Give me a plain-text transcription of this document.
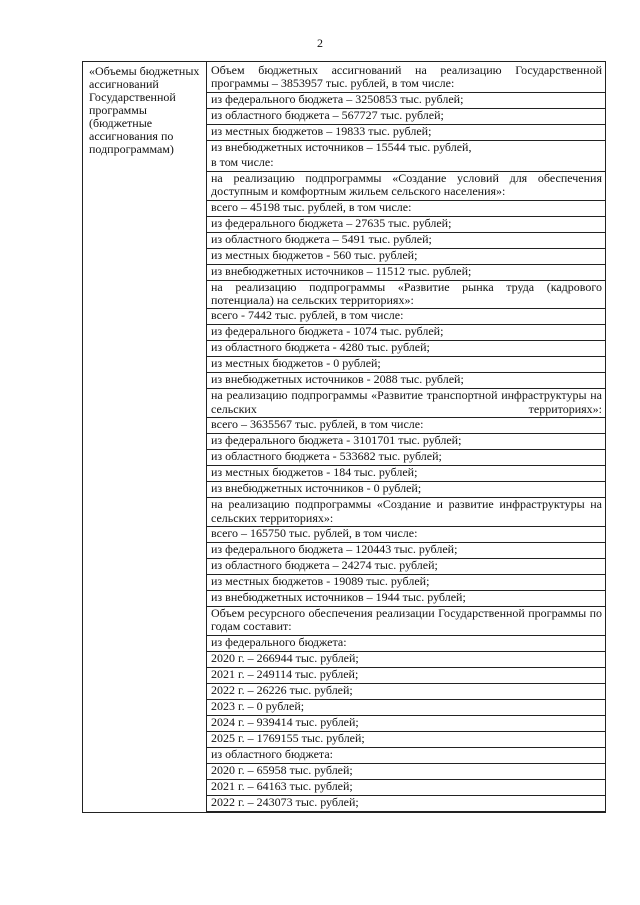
2
«Объемы бюджетных ассигнований Государственной программы (бюджетные ассигнования по подпрограммам)
Объем бюджетных ассигнований на реализацию Государственной программы – 3853957 тыс. рублей, в том числе:
из федерального бюджета – 3250853 тыс. рублей;
из областного бюджета – 567727 тыс. рублей;
из местных бюджетов – 19833 тыс. рублей;
из внебюджетных источников – 15544 тыс. рублей,
в том числе:
на реализацию подпрограммы «Создание условий для обеспечения доступным и комфортным жильем сельского населения»:
всего – 45198 тыс. рублей, в том числе:
из федерального бюджета – 27635 тыс. рублей;
из областного бюджета – 5491 тыс. рублей;
из местных бюджетов - 560 тыс. рублей;
из внебюджетных источников – 11512 тыс. рублей;
на реализацию подпрограммы «Развитие рынка труда (кадрового потенциала) на сельских территориях»:
всего - 7442 тыс. рублей, в том числе:
из федерального бюджета - 1074 тыс. рублей;
из областного бюджета - 4280 тыс. рублей;
из местных бюджетов - 0 рублей;
из внебюджетных источников - 2088 тыс. рублей;
на реализацию подпрограммы «Развитие транспортной инфраструктуры на сельских территориях»:
всего – 3635567 тыс. рублей, в том числе:
из федерального бюджета - 3101701 тыс. рублей;
из областного бюджета - 533682 тыс. рублей;
из местных бюджетов - 184 тыс. рублей;
из внебюджетных источников - 0 рублей;
на реализацию подпрограммы «Создание и развитие инфраструктуры на сельских территориях»:
всего – 165750 тыс. рублей, в том числе:
из федерального бюджета – 120443 тыс. рублей;
из областного бюджета – 24274 тыс. рублей;
из местных бюджетов - 19089 тыс. рублей;
из внебюджетных источников – 1944 тыс. рублей;
Объем ресурсного обеспечения реализации Государственной программы по годам составит:
из федерального бюджета:
2020 г. – 266944 тыс. рублей;
2021 г. – 249114 тыс. рублей;
2022 г. – 26226 тыс. рублей;
2023 г. – 0 рублей;
2024 г. – 939414 тыс. рублей;
2025 г. – 1769155 тыс. рублей;
из областного бюджета:
2020 г. – 65958 тыс. рублей;
2021 г. – 64163 тыс. рублей;
2022 г. – 243073 тыс. рублей;
